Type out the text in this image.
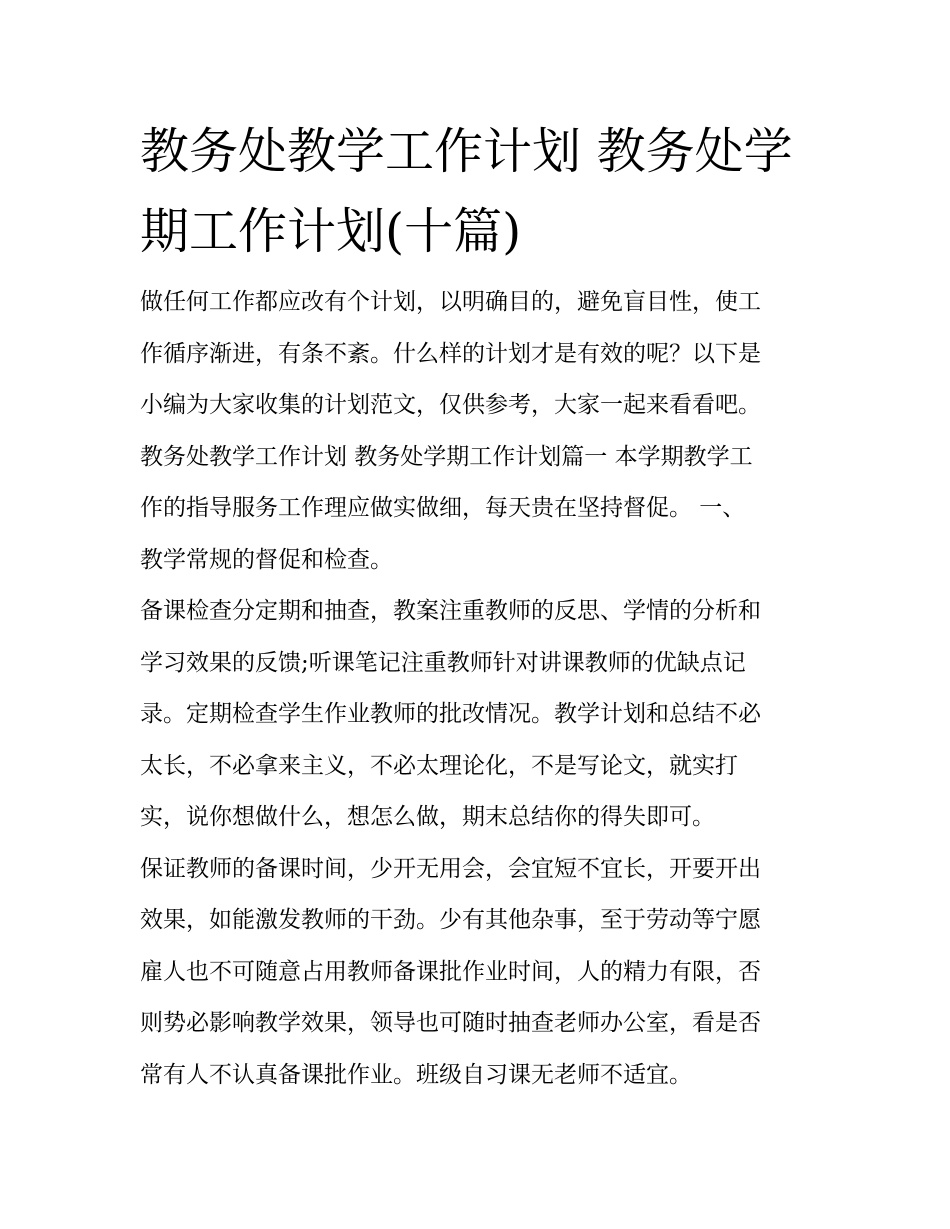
教务处教学工作计划 教务处学
期工作计划(十篇)

做任何工作都应改有个计划，以明确目的，避免盲目性，使工
作循序渐进，有条不紊。什么样的计划才是有效的呢？以下是
小编为大家收集的计划范文，仅供参考，大家一起来看看吧。
教务处教学工作计划 教务处学期工作计划篇一 本学期教学工
作的指导服务工作理应做实做细，每天贵在坚持督促。 一、
教学常规的督促和检查。

备课检查分定期和抽查，教案注重教师的反思、学情的分析和
学习效果的反馈;听课笔记注重教师针对讲课教师的优缺点记
录。定期检查学生作业教师的批改情况。教学计划和总结不必
太长，不必拿来主义，不必太理论化，不是写论文，就实打
实，说你想做什么，想怎么做，期末总结你的得失即可。

保证教师的备课时间，少开无用会，会宜短不宜长，开要开出
效果，如能激发教师的干劲。少有其他杂事，至于劳动等宁愿
雇人也不可随意占用教师备课批作业时间，人的精力有限，否
则势必影响教学效果，领导也可随时抽查老师办公室，看是否
常有人不认真备课批作业。班级自习课无老师不适宜。
